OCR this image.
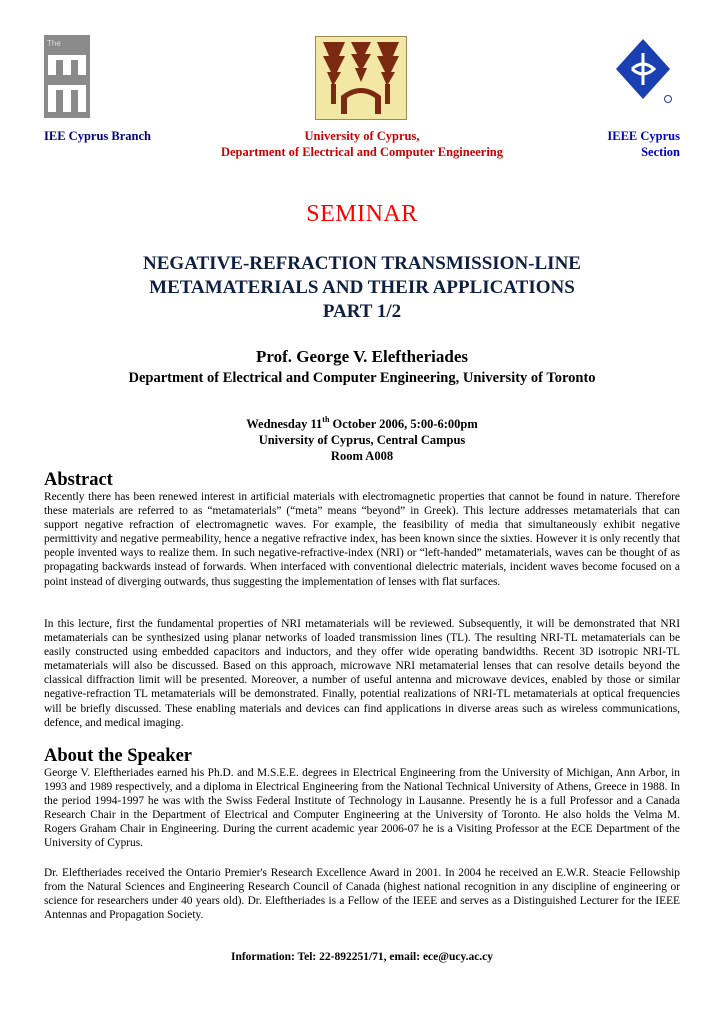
The
IEE Cyprus Branch	University of Cyprus,
Department of Electrical and Computer Engineering
IEEE Cyprus
Section
SEMINAR
NEGATIVE-REFRACTION TRANSMISSION-LINE
METAMATERIALS AND THEIR APPLICATIONS
PART 1/2
Prof. George V. Eleftheriades
Department of Electrical and Computer Engineering, University of Toronto
Wednesday 11th October 2006, 5:00-6:00pm
University of Cyprus, Central Campus
Room A008
Abstract
Recently there has been renewed interest in artificial materials with electromagnetic properties that cannot be found in nature. Therefore these materials are referred to as “metamaterials” (“meta” means “beyond” in Greek). This lecture addresses metamaterials that can support negative refraction of electromagnetic waves. For example, the feasibility of media that simultaneously exhibit negative permittivity and negative permeability, hence a negative refractive index, has been known since the sixties. However it is only recently that people invented ways to realize them. In such negative-refractive-index (NRI) or “left-handed” metamaterials, waves can be thought of as propagating backwards instead of forwards. When interfaced with conventional dielectric materials, incident waves become focused on a point instead of diverging outwards, thus suggesting the implementation of lenses with flat surfaces.
In this lecture, first the fundamental properties of NRI metamaterials will be reviewed. Subsequently, it will be demonstrated that NRI metamaterials can be synthesized using planar networks of loaded transmission lines (TL). The resulting NRI-TL metamaterials can be easily constructed using embedded capacitors and inductors, and they offer wide operating bandwidths. Recent 3D isotropic NRI-TL metamaterials will also be discussed. Based on this approach, microwave NRI metamaterial lenses that can resolve details beyond the classical diffraction limit will be presented. Moreover, a number of useful antenna and microwave devices, enabled by those or similar negative-refraction TL metamaterials will be demonstrated. Finally, potential realizations of NRI-TL metamaterials at optical frequencies will be briefly discussed. These enabling materials and devices can find applications in diverse areas such as wireless communications, defence, and medical imaging.
About the Speaker
George V. Eleftheriades earned his Ph.D. and M.S.E.E. degrees in Electrical Engineering from the University of Michigan, Ann Arbor, in 1993 and 1989 respectively, and a diploma in Electrical Engineering from the National Technical University of Athens, Greece in 1988. In the period 1994-1997 he was with the Swiss Federal Institute of Technology in Lausanne. Presently he is a full Professor and a Canada Research Chair in the Department of Electrical and Computer Engineering at the University of Toronto. He also holds the Velma M. Rogers Graham Chair in Engineering. During the current academic year 2006-07 he is a Visiting Professor at the ECE Department of the University of Cyprus.
Dr. Eleftheriades received the Ontario Premier's Research Excellence Award in 2001. In 2004 he received an E.W.R. Steacie Fellowship from the Natural Sciences and Engineering Research Council of Canada (highest national recognition in any discipline of engineering or science for researchers under 40 years old). Dr. Eleftheriades is a Fellow of the IEEE and serves as a Distinguished Lecturer for the IEEE Antennas and Propagation Society.
Information: Tel: 22-892251/71, email: ece@ucy.ac.cy
